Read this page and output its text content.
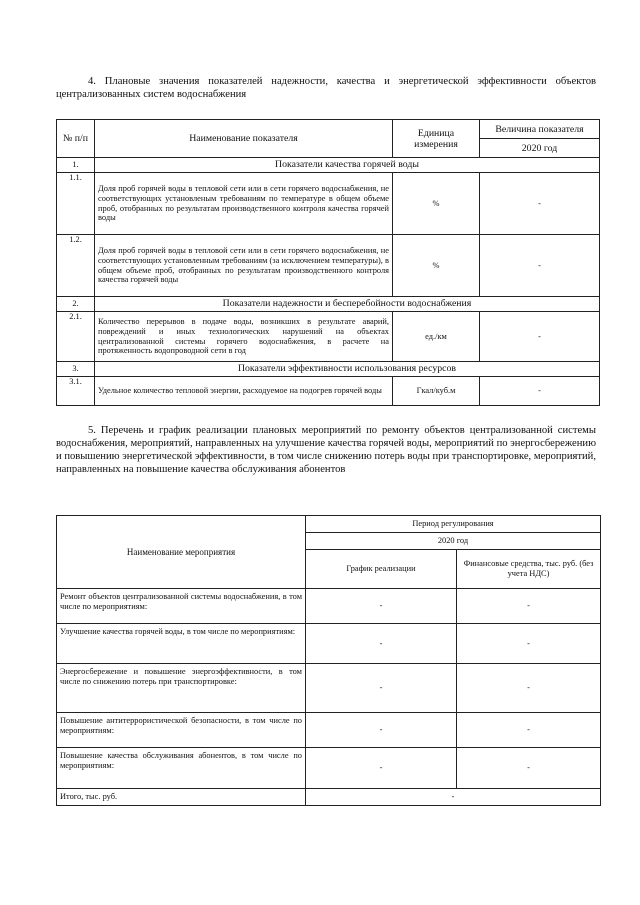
4. Плановые значения показателей надежности, качества и энергетической эффективности объектов централизованных систем водоснабжения
№ п/п	Наименование показателя	Единица измерения	Величина показателя
			2020 год
1.	Показатели качества горячей воды		
1.1.	Доля проб горячей воды в тепловой сети или в сети горячего водоснабжения, не соответствующих установленым требованиям по температуре в общем объеме проб, отобранных по результатам производственного контроля качества горячей воды	%	-
1.2.	Доля проб горячей воды в тепловой сети или в сети горячего водоснабжения, не соответствующих установленным требованиям (за исключением температуры), в общем объеме проб, отобранных по результатам производственного контроля качества горячей воды	%	-
2.	Показатели надежности и бесперебойности водоснабжения		
2.1.	Количество перерывов в подаче воды, возникших в результате аварий, повреждений и иных технологических нарушений на объектах централизованной системы горячего водоснабжения, в расчете на протяженность водопроводной сети в год	ед./км	-
3.	Показатели эффективности использования ресурсов		
3.1.	Удельное количество тепловой энергии, расходуемое на подогрев горячей воды	Гкал/куб.м	-
5. Перечень и график реализации плановых мероприятий по ремонту объектов централизованной системы водоснабжения, мероприятий, направленных на улучшение качества горячей воды, мероприятий по энергосбережению и повышению энергетической эффективности, в том числе снижению потерь воды при транспортировке, мероприятий, направленных на повышение качества обслуживания абонентов
Наименование мероприятия	Период регулирования	
	2020 год	
	График реализации	Финансовые средства, тыс. руб. (без учета НДС)
Ремонт объектов централизованной системы водоснабжения, в том числе по мероприятиям:	-	-
Улучшение качества горячей воды, в том числе по мероприятиям:	-	-
Энергосбережение и повышение энергоэффективности, в том числе по снижению потерь при транспортировке:	-	-
Повышение антитеррористической безопасности, в том числе по мероприятиям:	-	-
Повышение качества обслуживания абонентов, в том числе по мероприятиям:	-	-
Итого, тыс. руб.	-	
